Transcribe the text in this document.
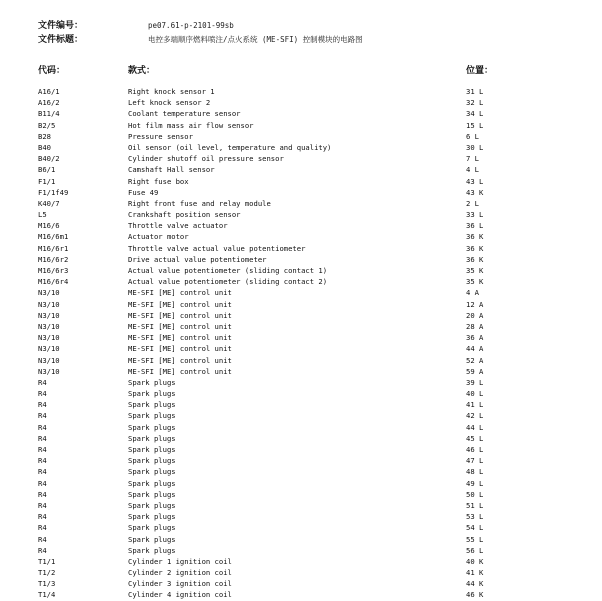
文件编号：	pe07.61-p-2101-99sb
文件标题：	电控多端顺序燃料喷注/点火系统 (ME-SFI) 控制模块的电路图
代码：	款式：	位置：
A16/1	Right knock sensor 1	31 L
A16/2	Left knock sensor 2	32 L
B11/4	Coolant temperature sensor	34 L
B2/5	Hot film mass air flow sensor	15 L
B28	Pressure sensor	6 L
B40	Oil sensor (oil level, temperature and quality)	30 L
B40/2	Cylinder shutoff oil pressure sensor	7 L
B6/1	Camshaft Hall sensor	4 L
F1/1	Right fuse box	43 L
F1/1f49	Fuse 49	43 K
K40/7	Right front fuse and relay module	2 L
L5	Crankshaft position sensor	33 L
M16/6	Throttle valve actuator	36 L
M16/6m1	Actuator motor	36 K
M16/6r1	Throttle valve actual value potentiometer	36 K
M16/6r2	Drive actual value potentiometer	36 K
M16/6r3	Actual value potentiometer (sliding contact 1)	35 K
M16/6r4	Actual value potentiometer (sliding contact 2)	35 K
N3/10	ME-SFI [ME] control unit	4 A
N3/10	ME-SFI [ME] control unit	12 A
N3/10	ME-SFI [ME] control unit	20 A
N3/10	ME-SFI [ME] control unit	28 A
N3/10	ME-SFI [ME] control unit	36 A
N3/10	ME-SFI [ME] control unit	44 A
N3/10	ME-SFI [ME] control unit	52 A
N3/10	ME-SFI [ME] control unit	59 A
R4	Spark plugs	39 L
R4	Spark plugs	40 L
R4	Spark plugs	41 L
R4	Spark plugs	42 L
R4	Spark plugs	44 L
R4	Spark plugs	45 L
R4	Spark plugs	46 L
R4	Spark plugs	47 L
R4	Spark plugs	48 L
R4	Spark plugs	49 L
R4	Spark plugs	50 L
R4	Spark plugs	51 L
R4	Spark plugs	53 L
R4	Spark plugs	54 L
R4	Spark plugs	55 L
R4	Spark plugs	56 L
T1/1	Cylinder 1 ignition coil	40 K
T1/2	Cylinder 2 ignition coil	41 K
T1/3	Cylinder 3 ignition coil	44 K
T1/4	Cylinder 4 ignition coil	46 K
